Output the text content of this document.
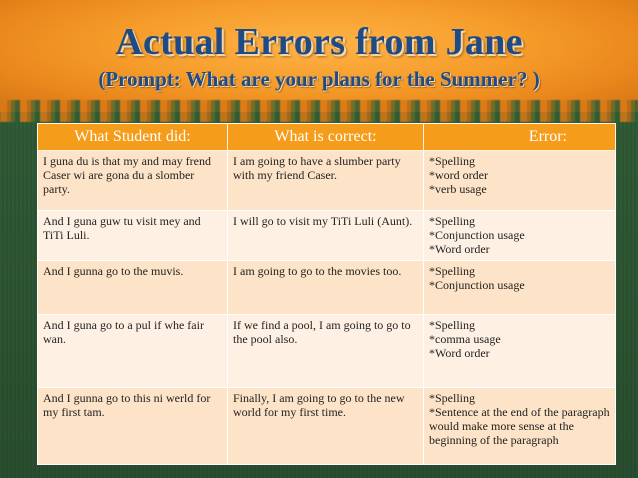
Actual Errors from Jane
(Prompt: What are your plans for the Summer? )
What Student did:	What is correct:	Error:
I guna du is that my and may frend Caser wi are gona du a slomber party.	I am going to have a slumber party with my friend Caser.	*Spelling
*word order
*verb usage

And I guna guw tu visit mey and TiTi Luli.	I will go to visit my TiTi Luli (Aunt).	*Spelling
*Conjunction usage
*Word order

And I gunna go to the muvis.	I am going to go to the movies too.	*Spelling
*Conjunction usage

And I guna go to a pul if whe fair wan.	If we find a pool, I am going to go to the pool also.	*Spelling
*comma usage
*Word order

And I gunna go to this ni werld for my first tam.	Finally, I am going to go to the new world for my first time.	*Spelling
*Sentence at the end of the paragraph would make more sense at the beginning of the paragraph
